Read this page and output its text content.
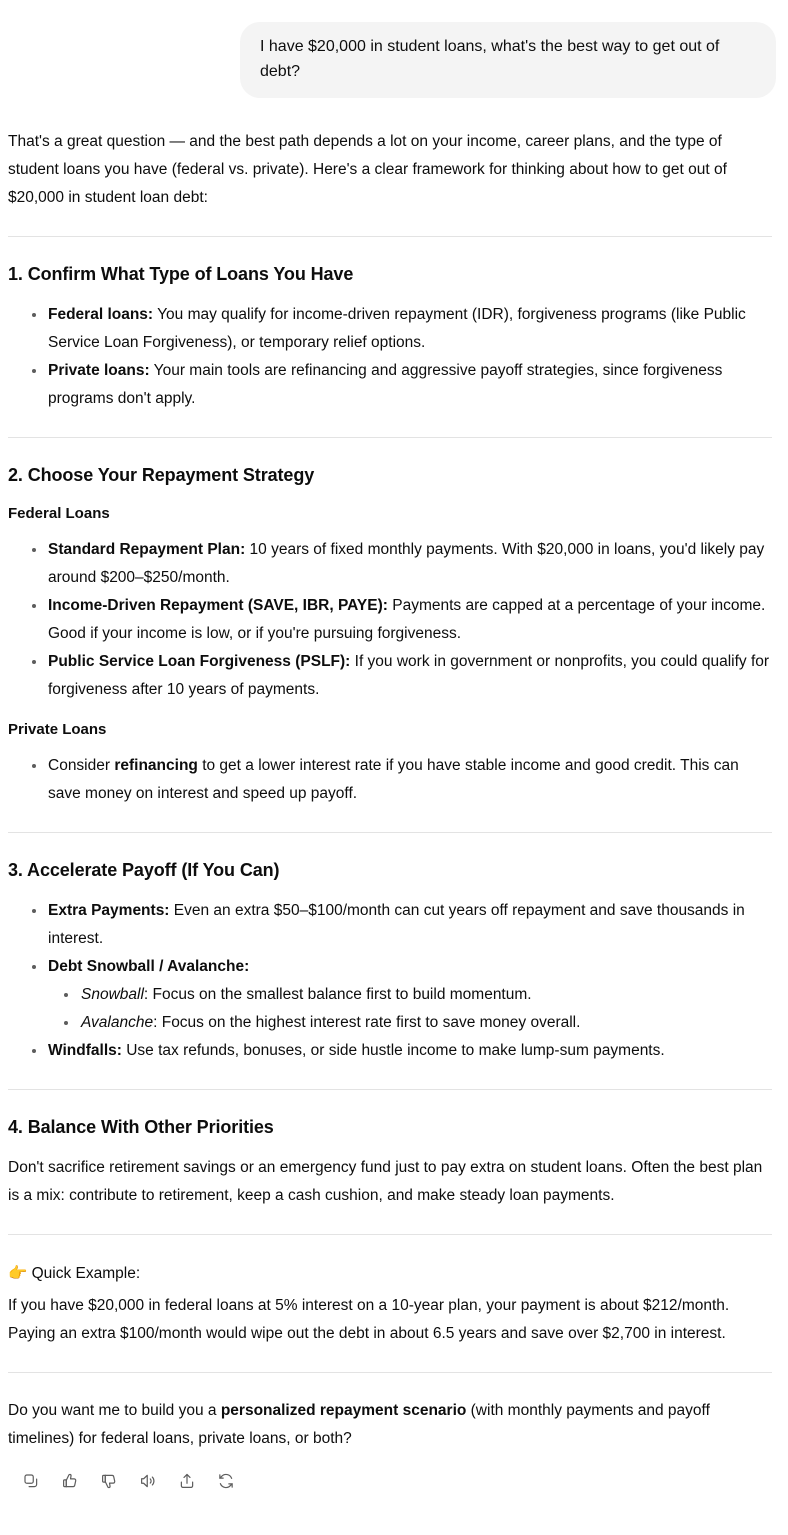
I have $20,000 in student loans, what's the best way to get out of debt?

That's a great question — and the best path depends a lot on your income, career plans, and the type of student loans you have (federal vs. private). Here's a clear framework for thinking about how to get out of $20,000 in student loan debt:

1. Confirm What Type of Loans You Have
Federal loans: You may qualify for income-driven repayment (IDR), forgiveness programs (like Public Service Loan Forgiveness), or temporary relief options.
Private loans: Your main tools are refinancing and aggressive payoff strategies, since forgiveness programs don't apply.
2. Choose Your Repayment Strategy
Federal Loans
Standard Repayment Plan: 10 years of fixed monthly payments. With $20,000 in loans, you'd likely pay around $200–$250/month.
Income-Driven Repayment (SAVE, IBR, PAYE): Payments are capped at a percentage of your income. Good if your income is low, or if you're pursuing forgiveness.
Public Service Loan Forgiveness (PSLF): If you work in government or nonprofits, you could qualify for forgiveness after 10 years of payments.
Private Loans
Consider refinancing to get a lower interest rate if you have stable income and good credit. This can save money on interest and speed up payoff.
3. Accelerate Payoff (If You Can)
Extra Payments: Even an extra $50–$100/month can cut years off repayment and save thousands in interest.
Debt Snowball / Avalanche:
Snowball: Focus on the smallest balance first to build momentum.
Avalanche: Focus on the highest interest rate first to save money overall.
Windfalls: Use tax refunds, bonuses, or side hustle income to make lump-sum payments.
4. Balance With Other Priorities

Don't sacrifice retirement savings or an emergency fund just to pay extra on student loans. Often the best plan is a mix: contribute to retirement, keep a cash cushion, and make steady loan payments.

👉 Quick Example:

If you have $20,000 in federal loans at 5% interest on a 10-year plan, your payment is about $212/month.

Paying an extra $100/month would wipe out the debt in about 6.5 years and save over $2,700 in interest.

Do you want me to build you a personalized repayment scenario (with monthly payments and payoff timelines) for federal loans, private loans, or both?
